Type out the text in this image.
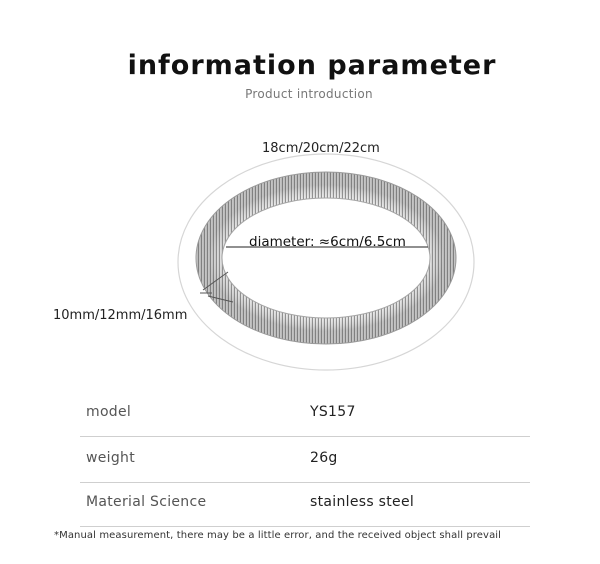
information parameter
Product introduction
18cm/20cm/22cm
diameter: ≈6cm/6.5cm
10mm/12mm/16mm
model	YS157
weight	26g
Material Science	stainless steel
*Manual measurement, there may be a little error, and the received object shall prevail
